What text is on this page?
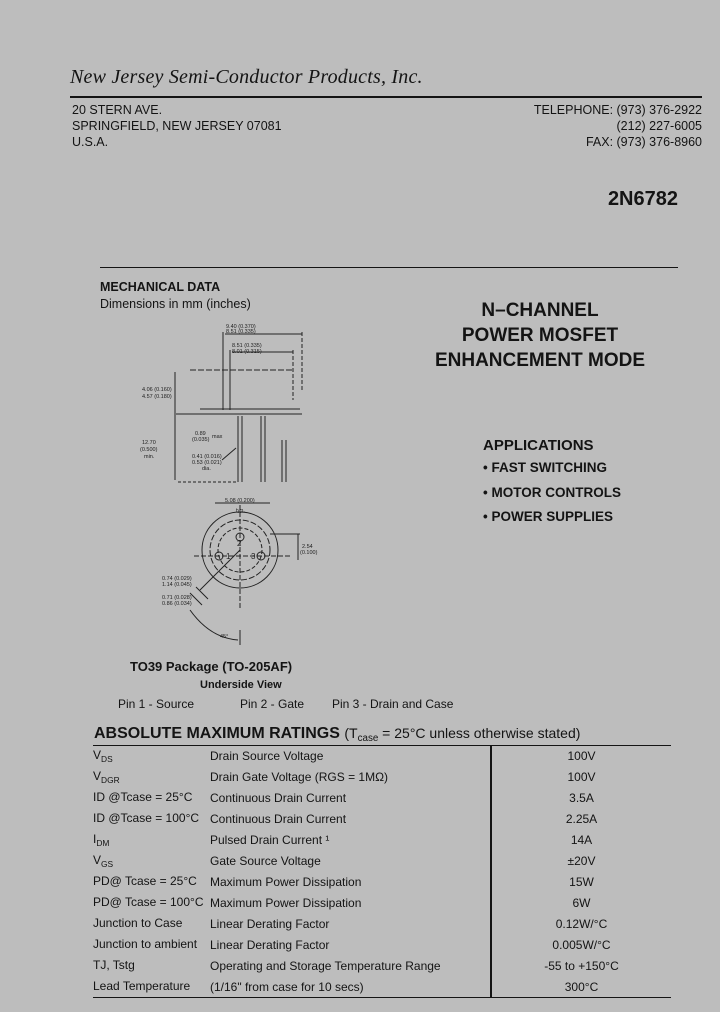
New Jersey Semi-Conductor Products, Inc.
20 STERN AVE.
SPRINGFIELD, NEW JERSEY 07081
U.S.A.
TELEPHONE: (973) 376-2922
(212) 227-6005
FAX: (973) 376-8960
2N6782
MECHANICAL DATA
Dimensions in mm (inches)
9.40 (0.370)
8.51 (0.335)
8.51 (0.335)
8.01 (0.315)
4.06 (0.160)
4.57 (0.180)
0.89
(0.035) max
12.70
(0.500)
min.	0.41 (0.016)
0.53 (0.021)
dia.
5.08 (0.200)
typ.
2.54
(0.100)
0.74 (0.029)
1.14 (0.045)
0.71 (0.028)
0.86 (0.034)
45°
2
1	3
N–CHANNEL
POWER MOSFET
ENHANCEMENT MODE
APPLICATIONS
• FAST SWITCHING
• MOTOR CONTROLS
• POWER SUPPLIES
TO39 Package (TO-205AF)
Underside View
Pin 1 - Source	Pin 2 - Gate Pin 3 - Drain and Case
ABSOLUTE MAXIMUM RATINGS ($T_{case} = 25^\circ C$ unless otherwise stated)
$V_{DS}$	Drain Source Voltage	100V
$V_{DGR}$	Drain Gate Voltage (RGS = 1MΩ)	100V
ID @Tcase = 25°C	Continuous Drain Current	3.5A
ID @Tcase = 100°C	Continuous Drain Current	2.25A
$I_{DM}$	Pulsed Drain Current ¹	14A
$V_{GS}$	Gate Source Voltage	±20V
PD@ Tcase = 25°C	Maximum Power Dissipation	15W
PD@ Tcase = 100°C	Maximum Power Dissipation	6W
Junction to Case	Linear Derating Factor	0.12W/°C
Junction to ambient	Linear Derating Factor	0.005W/°C
TJ, Tstg	Operating and Storage Temperature Range	-55 to +150°C
Lead Temperature	(1/16" from case for 10 secs)	300°C
